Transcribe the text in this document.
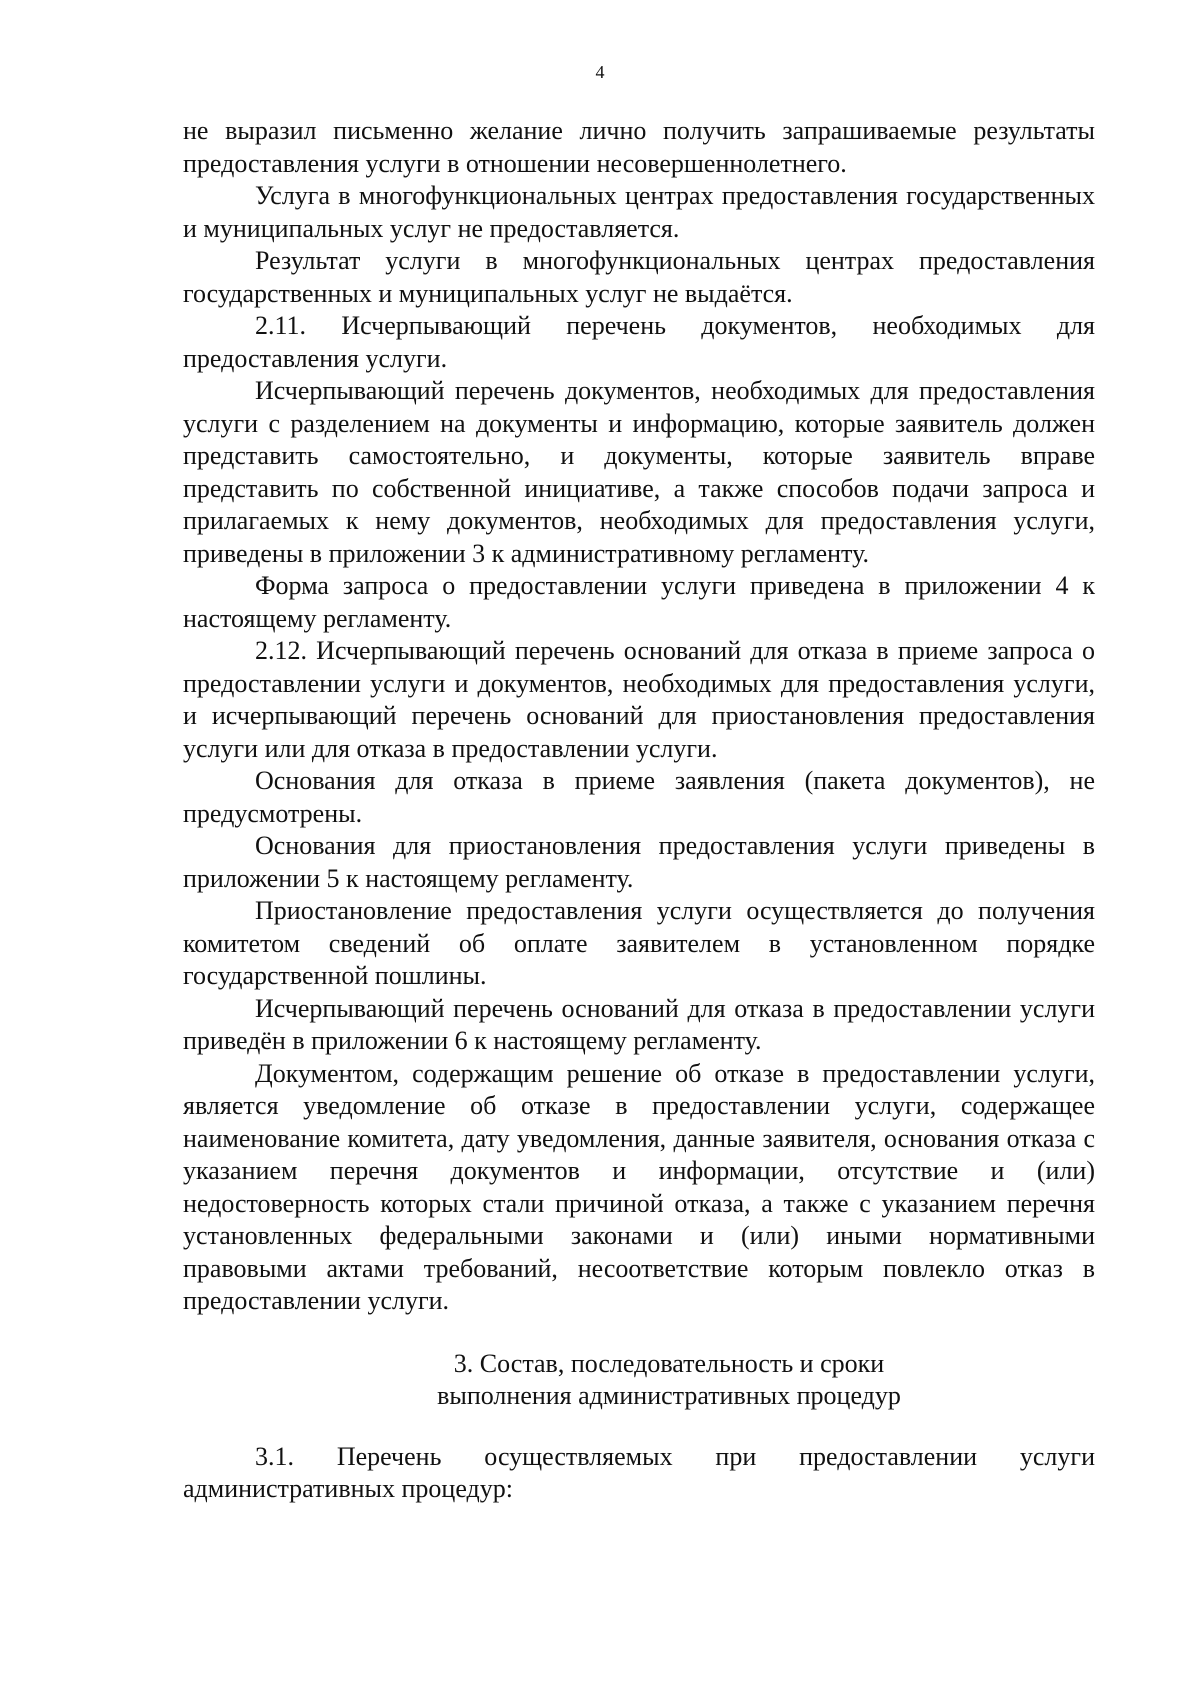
4

не выразил письменно желание лично получить запрашиваемые результаты предоставления услуги в отношении несовершеннолетнего.

Услуга в многофункциональных центрах предоставления государственных и муниципальных услуг не предоставляется.

Результат услуги в многофункциональных центрах предоставления государственных и муниципальных услуг не выдаётся.

2.11. Исчерпывающий перечень документов, необходимых для предоставления услуги.

Исчерпывающий перечень документов, необходимых для предоставления услуги с разделением на документы и информацию, которые заявитель должен представить самостоятельно, и документы, которые заявитель вправе представить по собственной инициативе, а также способов подачи запроса и прилагаемых к нему документов, необходимых для предоставления услуги, приведены в приложении 3 к административному регламенту.

Форма запроса о предоставлении услуги приведена в приложении 4 к настоящему регламенту.

2.12. Исчерпывающий перечень оснований для отказа в приеме запроса о предоставлении услуги и документов, необходимых для предоставления услуги, и исчерпывающий перечень оснований для приостановления предоставления услуги или для отказа в предоставлении услуги.

Основания для отказа в приеме заявления (пакета документов), не предусмотрены.

Основания для приостановления предоставления услуги приведены в приложении 5 к настоящему регламенту.

Приостановление предоставления услуги осуществляется до получения комитетом сведений об оплате заявителем в установленном порядке государственной пошлины.

Исчерпывающий перечень оснований для отказа в предоставлении услуги приведён в приложении 6 к настоящему регламенту.

Документом, содержащим решение об отказе в предоставлении услуги, является уведомление об отказе в предоставлении услуги, содержащее наименование комитета, дату уведомления, данные заявителя, основания отказа с указанием перечня документов и информации, отсутствие и (или) недостоверность которых стали причиной отказа, а также с указанием перечня установленных федеральными законами и (или) иными нормативными правовыми актами требований, несоответствие которым повлекло отказ в предоставлении услуги.

3. Состав, последовательность и сроки
выполнения административных процедур

3.1. Перечень осуществляемых при предоставлении услуги административных процедур:
